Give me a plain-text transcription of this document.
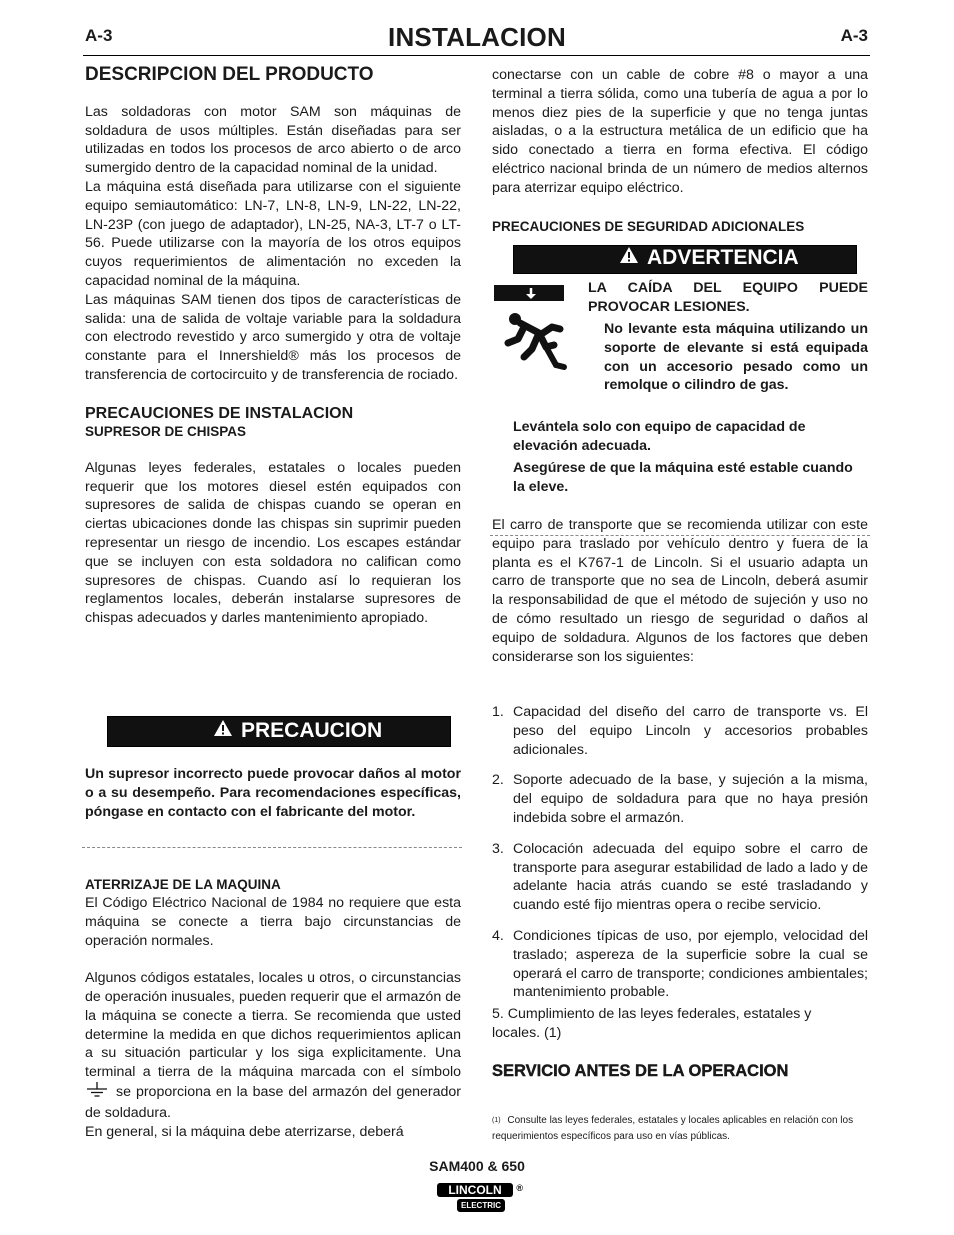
A-3	INSTALACION	A-3
DESCRIPCION DEL PRODUCTO

Las soldadoras con motor SAM son máquinas de soldadura de usos múltiples. Están diseñadas para ser utilizadas en todos los procesos de arco abierto o de arco sumergido dentro de la capacidad nominal de la unidad.

La máquina está diseñada para utilizarse con el siguiente equipo semiautomático: LN-7, LN-8, LN-9, LN-22, LN-22, LN-23P (con juego de adaptador), LN-25, NA-3, LT-7 o LT-56. Puede utilizarse con la mayoría de los otros equipos cuyos requerimientos de alimentación no exceden la capacidad nominal de la máquina.

Las máquinas SAM tienen dos tipos de características de salida: una de salida de voltaje variable para la soldadura con electrodo revestido y arco sumergido y otra de voltaje constante para el Innershield® más los procesos de transferencia de cortocircuito y de transferencia de rociado.

PRECAUCIONES DE INSTALACION
SUPRESOR DE CHISPAS

Algunas leyes federales, estatales o locales pueden requerir que los motores diesel estén equipados con supresores de salida de chispas cuando se operan en ciertas ubicaciones donde las chispas sin suprimir pueden representar un riesgo de incendio. Los escapes estándar que se incluyen con esta soldadora no califican como supresores de chispas. Cuando así lo requieran los reglamentos locales, deberán instalarse supresores de chispas adecuados y darles mantenimiento apropiado.

PRECAUCION
Un supresor incorrecto puede provocar daños al motor o a su desempeño. Para recomendaciones específicas, póngase en contacto con el fabricante del motor.
ATERRIZAJE DE LA MAQUINA

El Código Eléctrico Nacional de 1984 no requiere que esta máquina se conecte a tierra bajo circunstancias de operación normales.

Algunos códigos estatales, locales u otros, o circunstancias de operación inusuales, pueden requerir que el armazón de la máquina se conecte a tierra. Se recomienda que usted determine la medida en que dichos requerimientos aplican a su situación particular y los siga explicitamente. Una terminal a tierra de la máquina marcada con el símbolo  se proporciona en la base del armazón del generador de soldadura.

En general, si la máquina debe aterrizarse, deberá

conectarse con un cable de cobre #8 o mayor a una terminal a tierra sólida, como una tubería de agua a por lo menos diez pies de la superficie y que no tenga juntas aisladas, o a la estructura metálica de un edificio que ha sido conectado a tierra en forma efectiva. El código eléctrico nacional brinda de un número de medios alternos para aterrizar equipo eléctrico.
PRECAUCIONES DE SEGURIDAD ADICIONALES
ADVERTENCIA
LA CAÍDA DEL EQUIPO PUEDE PROVOCAR LESIONES.
No levante esta máquina utilizando un soporte de elevante si está equipada con un accesorio pesado como un remolque o cilindro de gas.
Levántela solo con equipo de capacidad de elevación adecuada.
Asegúrese de que la máquina esté estable cuando la eleve.
El carro de transporte que se recomienda utilizar con este equipo para traslado por vehículo dentro y fuera de la planta es el K767-1 de Lincoln. Si el usuario adapta un carro de transporte que no sea de Lincoln, deberá asumir la responsabilidad de que el método de sujeción y uso no de cómo resultado un riesgo de seguridad o daños al equipo de soldadura. Algunos de los factores que deben considerarse son los siguientes:
1. Capacidad del diseño del carro de transporte vs. El peso del equipo Lincoln y accesorios probables adicionales.
2. Soporte adecuado de la base, y sujeción a la misma, del equipo de soldadura para que no haya presión indebida sobre el armazón.
3. Colocación adecuada del equipo sobre el carro de transporte para asegurar estabilidad de lado a lado y de adelante hacia atrás cuando se esté trasladando y cuando esté fijo mientras opera o recibe servicio.
4. Condiciones típicas de uso, por ejemplo, velocidad del traslado; aspereza de la superficie sobre la cual se operará el carro de transporte; condiciones ambientales; mantenimiento probable.
5. Cumplimiento de las leyes federales, estatales y locales. (1)
SERVICIO ANTES DE LA OPERACION
$^{(1)}$ Consulte las leyes federales, estatales y locales aplicables en relación con los requerimientos específicos para uso en vías públicas.
SAM400 & 650
LINCOLN ®
ELECTRIC
